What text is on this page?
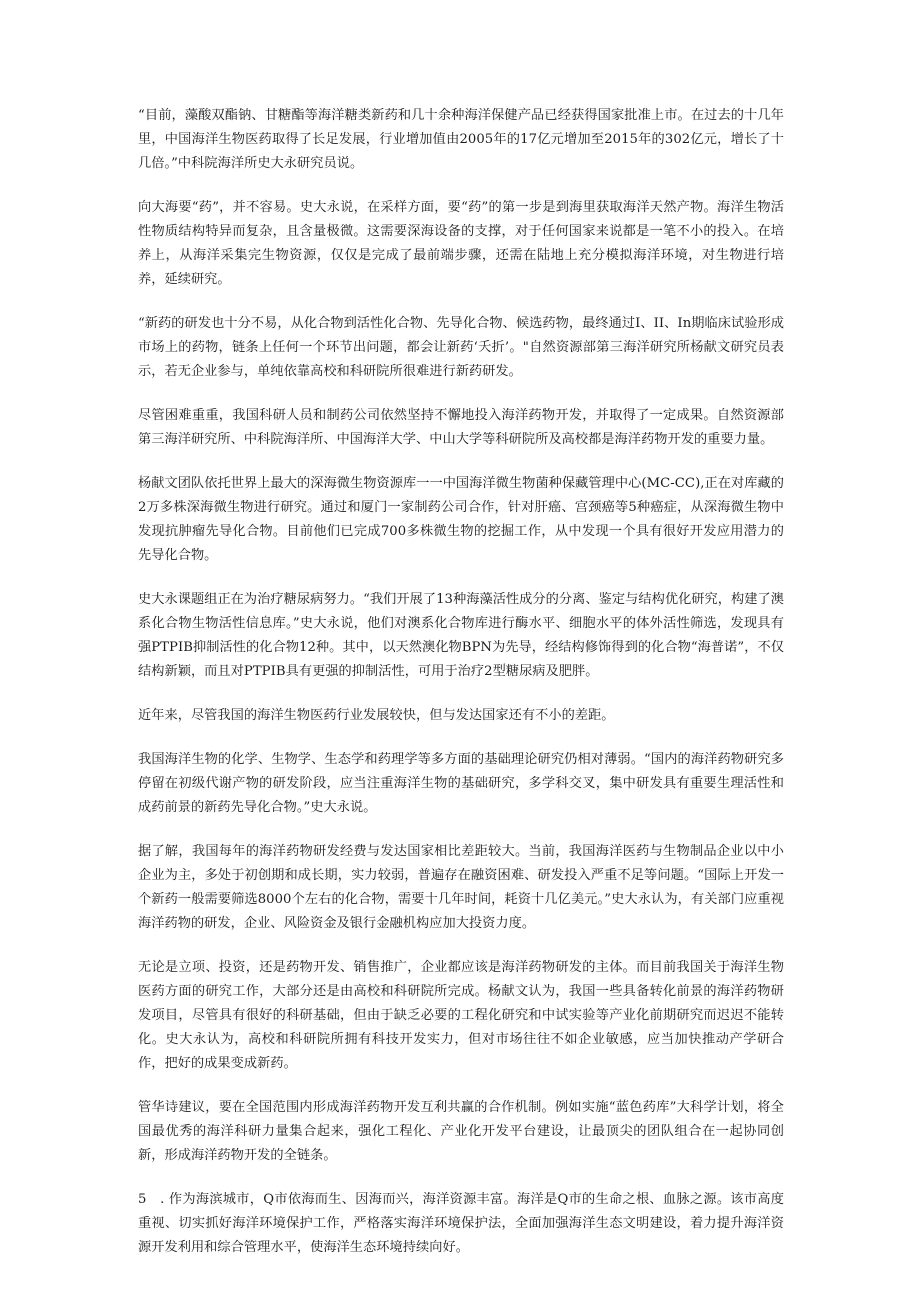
“目前，藻酸双酯钠、甘糖酯等海洋糖类新药和几十余种海洋保健产品已经获得国家批准上市。在过去的十几年里，中国海洋生物医药取得了长足发展，行业增加值由2005年的17亿元增加至2015年的302亿元，增长了十几倍。”中科院海洋所史大永研究员说。

向大海要“药”，并不容易。史大永说，在采样方面，要“药”的第一步是到海里获取海洋天然产物。海洋生物活性物质结构特异而复杂，且含量极微。这需要深海设备的支撑，对于任何国家来说都是一笔不小的投入。在培养上，从海洋采集完生物资源，仅仅是完成了最前端步骤，还需在陆地上充分模拟海洋环境，对生物进行培养，延续研究。

“新药的研发也十分不易，从化合物到活性化合物、先导化合物、候选药物，最终通过I、II、In期临床试验形成市场上的药物，链条上任何一个环节出问题，都会让新药‘夭折’。"自然资源部第三海洋研究所杨献文研究员表示，若无企业参与，单纯依靠高校和科研院所很难进行新药研发。

尽管困难重重，我国科研人员和制药公司依然坚持不懈地投入海洋药物开发，并取得了一定成果。自然资源部第三海洋研究所、中科院海洋所、中国海洋大学、中山大学等科研院所及高校都是海洋药物开发的重要力量。

杨献文团队依托世界上最大的深海微生物资源库一一中国海洋微生物菌种保藏管理中心(MC-CC),正在对库藏的2万多株深海微生物进行研究。通过和厦门一家制药公司合作，针对肝癌、宫颈癌等5种癌症，从深海微生物中发现抗肿瘤先导化合物。目前他们已完成700多株微生物的挖掘工作，从中发现一个具有很好开发应用潜力的先导化合物。

史大永课题组正在为治疗糖尿病努力。“我们开展了13种海藻活性成分的分离、鉴定与结构优化研究，构建了澳系化合物生物活性信息库。”史大永说，他们对澳系化合物库进行酶水平、细胞水平的体外活性筛选，发现具有强PTPIB抑制活性的化合物12种。其中，以天然澳化物BPN为先导，经结构修饰得到的化合物“海普诺”，不仅结构新颖，而且对PTPIB具有更强的抑制活性，可用于治疗2型糖尿病及肥胖。

近年来，尽管我国的海洋生物医药行业发展较快，但与发达国家还有不小的差距。

我国海洋生物的化学、生物学、生态学和药理学等多方面的基础理论研究仍相对薄弱。“国内的海洋药物研究多停留在初级代谢产物的研发阶段，应当注重海洋生物的基础研究，多学科交叉，集中研发具有重要生理活性和成药前景的新药先导化合物。”史大永说。

据了解，我国每年的海洋药物研发经费与发达国家相比差距较大。当前，我国海洋医药与生物制品企业以中小企业为主，多处于初创期和成长期，实力较弱，普遍存在融资困难、研发投入严重不足等问题。“国际上开发一个新药一般需要筛选8000个左右的化合物，需要十几年时间，耗资十几亿美元。”史大永认为，有关部门应重视海洋药物的研发，企业、风险资金及银行金融机构应加大投资力度。

无论是立项、投资，还是药物开发、销售推广，企业都应该是海洋药物研发的主体。而目前我国关于海洋生物医药方面的研究工作，大部分还是由高校和科研院所完成。杨献文认为，我国一些具备转化前景的海洋药物研发项目，尽管具有很好的科研基础，但由于缺乏必要的工程化研究和中试实验等产业化前期研究而迟迟不能转化。史大永认为，高校和科研院所拥有科技开发实力，但对市场往往不如企业敏感，应当加快推动产学研合作，把好的成果变成新药。

管华诗建议，要在全国范围内形成海洋药物开发互利共赢的合作机制。例如实施“蓝色药库”大科学计划，将全国最优秀的海洋科研力量集合起来，强化工程化、产业化开发平台建设，让最顶尖的团队组合在一起协同创新，形成海洋药物开发的全链条。

5　. 作为海滨城市，Q市依海而生、因海而兴，海洋资源丰富。海洋是Q市的生命之根、血脉之源。该市高度重视、切实抓好海洋环境保护工作，严格落实海洋环境保护法，全面加强海洋生态文明建设，着力提升海洋资源开发利用和综合管理水平，使海洋生态环境持续向好。
